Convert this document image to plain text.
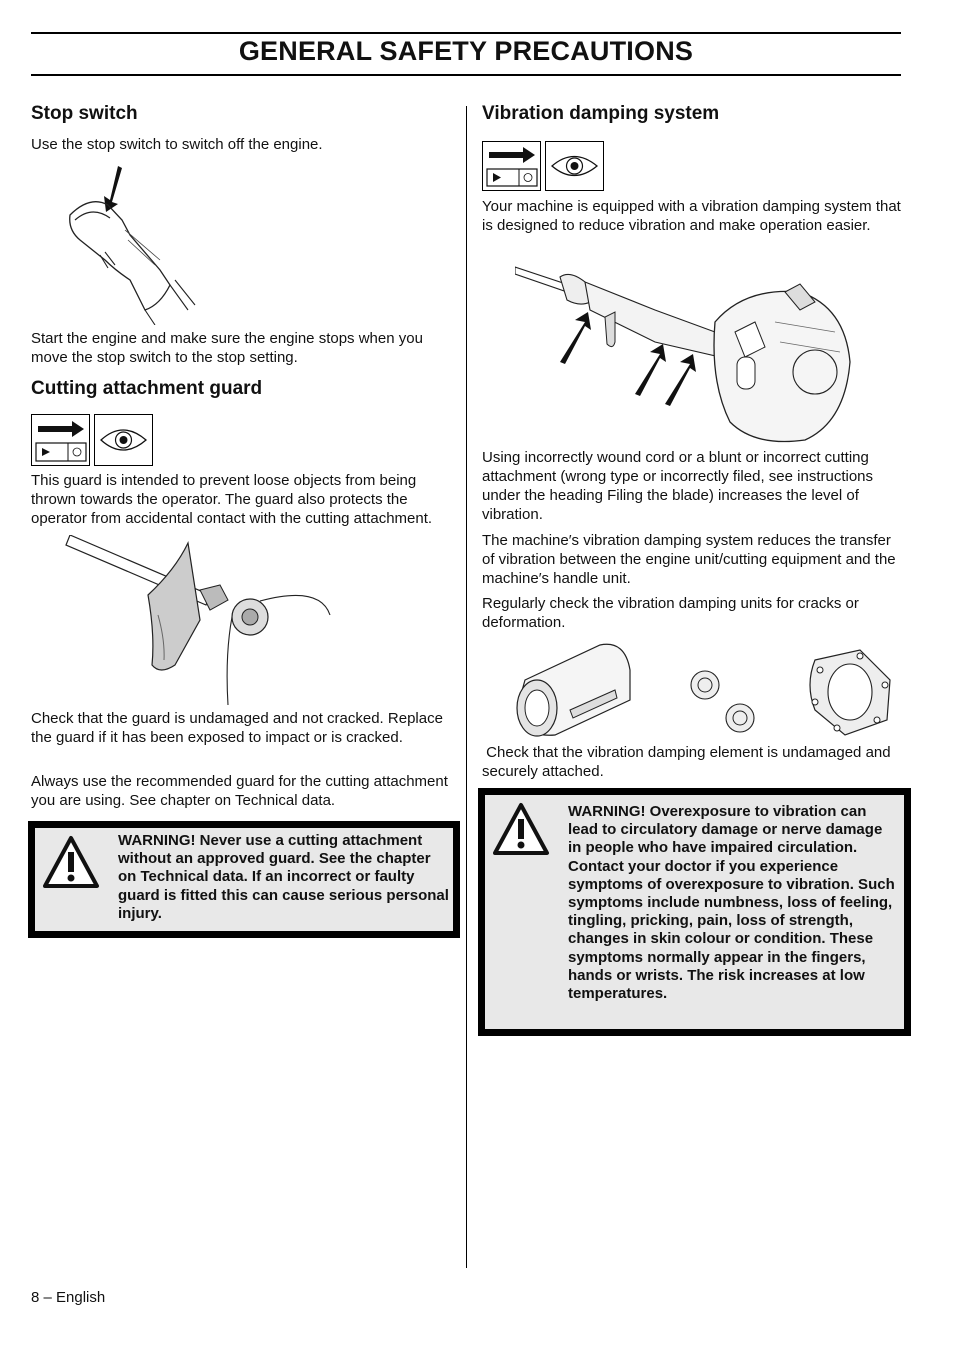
GENERAL SAFETY PRECAUTIONS
Stop switch
Use the stop switch to switch off the engine.
Start the engine and make sure the engine stops when you move the stop switch to the stop setting.
Cutting attachment guard
This guard is intended to prevent loose objects from being thrown towards the operator. The guard also protects the operator from accidental contact with the cutting attachment.
Check that the guard is undamaged and not cracked. Replace the guard if it has been exposed to impact or is cracked.
Always use the recommended guard for the cutting attachment you are using. See chapter on Technical data.
WARNING! Never use a cutting attachment without an approved guard. See the chapter on Technical data. If an incorrect or faulty guard is fitted this can cause serious personal injury.
Vibration damping system
Your machine is equipped with a vibration damping system that is designed to reduce vibration and make operation easier.
Using incorrectly wound cord or a blunt or incorrect cutting attachment (wrong type or incorrectly filed, see instructions under the heading Filing the blade) increases the level of vibration.
The machine′s vibration damping system reduces the transfer of vibration between the engine unit/cutting equipment and the machine′s handle unit.
Regularly check the vibration damping units for cracks or deformation.
Check that the vibration damping element is undamaged and securely attached.
WARNING! Overexposure to vibration can lead to circulatory damage or nerve damage in people who have impaired circulation. Contact your doctor if you experience symptoms of overexposure to vibration. Such symptoms include numbness, loss of feeling, tingling, pricking, pain, loss of strength, changes in skin colour or condition. These symptoms normally appear in the fingers, hands or wrists. The risk increases at low temperatures.
8 – English
